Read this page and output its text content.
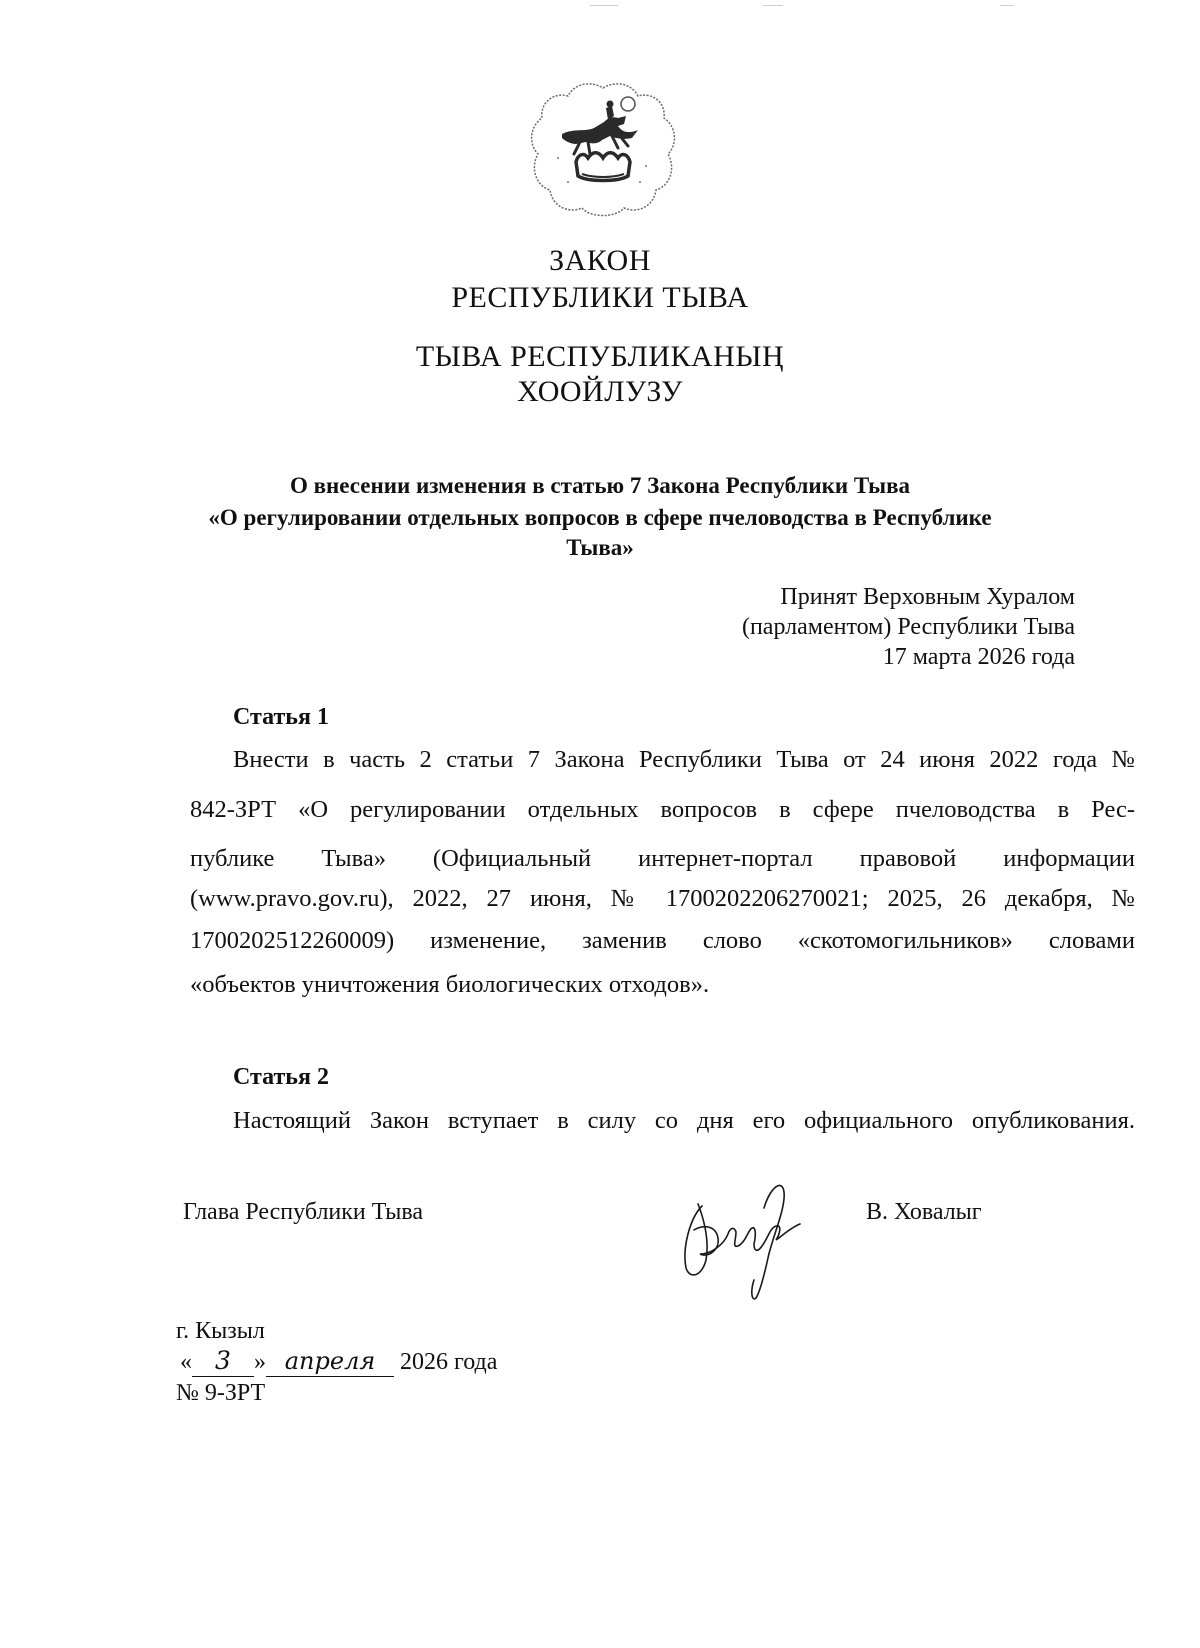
ЗАКОН
РЕСПУБЛИКИ ТЫВА
ТЫВА РЕСПУБЛИКАНЫҢ
ХООЙЛУЗУ
О внесении изменения в статью 7 Закона Республики Тыва
«О регулировании отдельных вопросов в сфере пчеловодства в Республике
Тыва»
Принят Верховным Хуралом
(парламентом) Республики Тыва
17 марта 2026 года
Статья 1
Внести в часть 2 статьи 7 Закона Республики Тыва от 24 июня 2022 года №
842-ЗРТ «О регулировании отдельных вопросов в сфере пчеловодства в Рес-
публике Тыва» (Официальный интернет-портал правовой информации
(www.pravo.gov.ru), 2022, 27 июня, № 1700202206270021; 2025, 26 декабря, №
1700202512260009) изменение, заменив слово «скотомогильников» словами
«объектов уничтожения биологических отходов».
Статья 2
Настоящий Закон вступает в силу со дня его официального опубликования.
Глава Республики Тыва	В. Ховалыг
г. Кызыл
« 3 » апреля 2026 года
№ 9-ЗРТ
